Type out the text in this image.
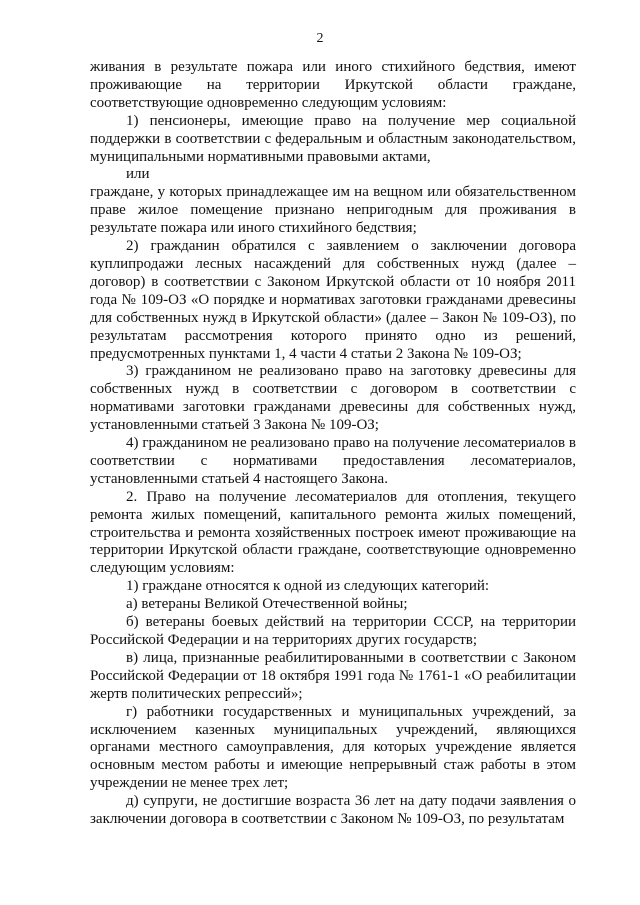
2

живания в результате пожара или иного стихийного бедствия, имеют проживающие на территории Иркутской области граждане, соответствующие одновременно следующим условиям:

1) пенсионеры, имеющие право на получение мер социальной поддержки в соответствии с федеральным и областным законодательством, муниципальными нормативными правовыми актами,

или

граждане, у которых принадлежащее им на вещном или обязательственном праве жилое помещение признано непригодным для проживания в результате пожара или иного стихийного бедствия;

2) гражданин обратился с заявлением о заключении договора куплипродажи лесных насаждений для собственных нужд (далее – договор) в соответствии с Законом Иркутской области от 10 ноября 2011 года № 109-ОЗ «О порядке и нормативах заготовки гражданами древесины для собственных нужд в Иркутской области» (далее – Закон № 109-ОЗ), по результатам рассмотрения которого принято одно из решений, предусмотренных пунктами 1, 4 части 4 статьи 2 Закона № 109-ОЗ;

3) гражданином не реализовано право на заготовку древесины для собственных нужд в соответствии с договором в соответствии с нормативами заготовки гражданами древесины для собственных нужд, установленными статьей 3 Закона № 109-ОЗ;

4) гражданином не реализовано право на получение лесоматериалов в соответствии с нормативами предоставления лесоматериалов, установленными статьей 4 настоящего Закона.

2. Право на получение лесоматериалов для отопления, текущего ремонта жилых помещений, капитального ремонта жилых помещений, строительства и ремонта хозяйственных построек имеют проживающие на территории Иркутской области граждане, соответствующие одновременно следующим условиям:

1) граждане относятся к одной из следующих категорий:

а) ветераны Великой Отечественной войны;

б) ветераны боевых действий на территории СССР, на территории Российской Федерации и на территориях других государств;

в) лица, признанные реабилитированными в соответствии с Законом Российской Федерации от 18 октября 1991 года № 1761-1 «О реабилитации жертв политических репрессий»;

г) работники государственных и муниципальных учреждений, за исключением казенных муниципальных учреждений, являющихся органами местного самоуправления, для которых учреждение является основным местом работы и имеющие непрерывный стаж работы в этом учреждении не менее трех лет;

д) супруги, не достигшие возраста 36 лет на дату подачи заявления о заключении договора в соответствии с Законом № 109-ОЗ, по результатам
